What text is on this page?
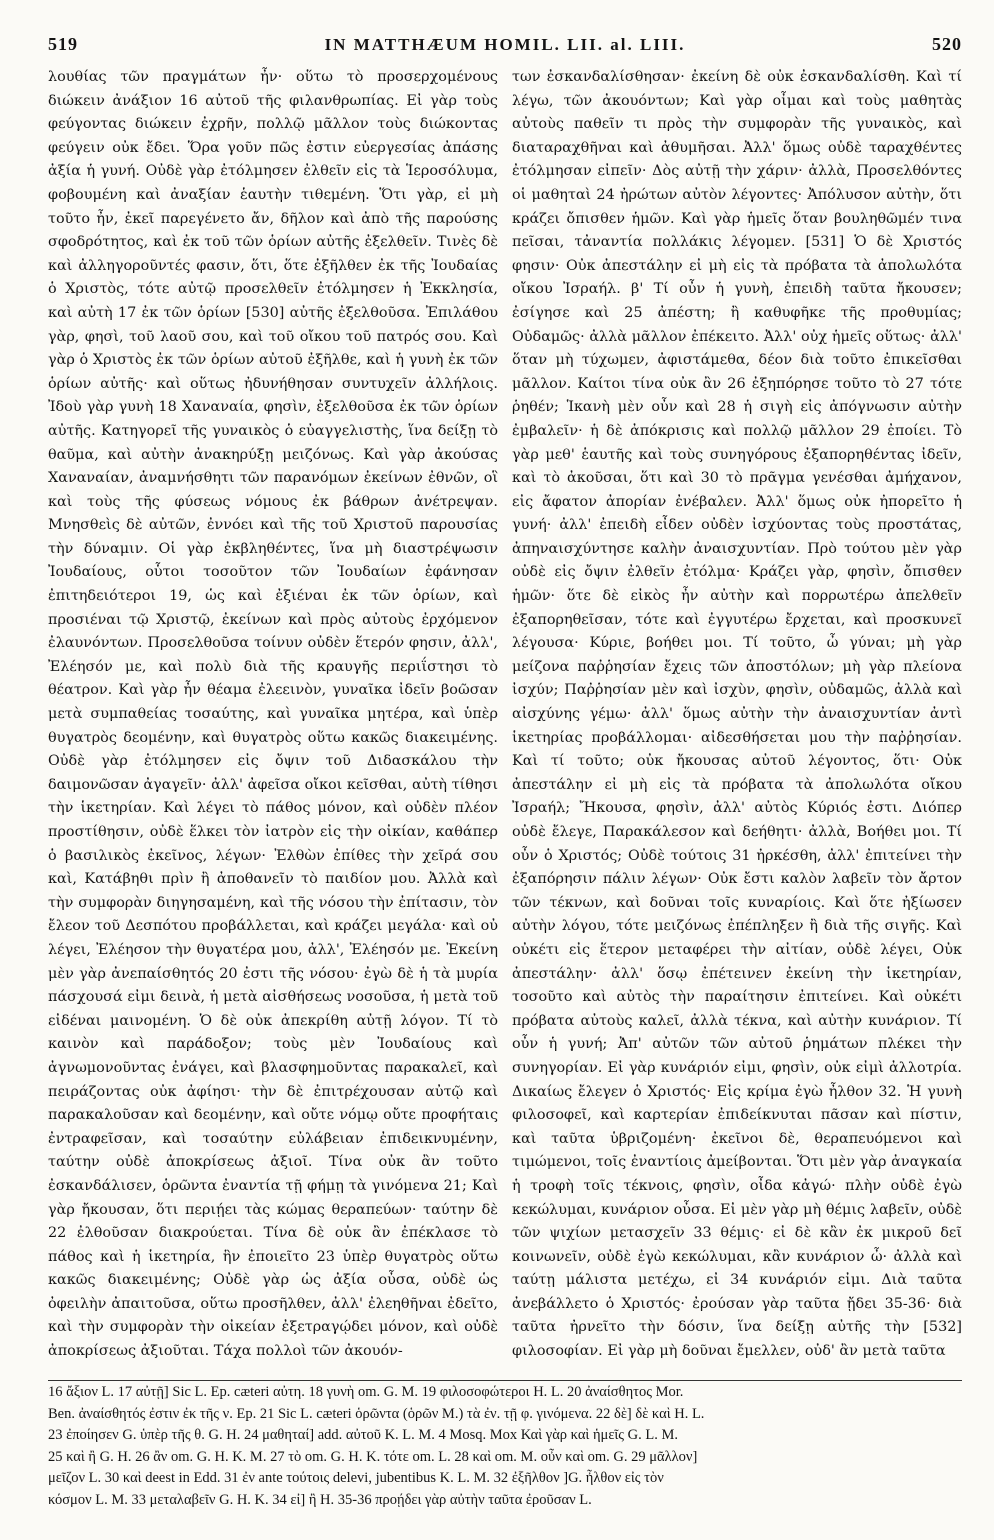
519	IN MATTHÆUM HOMIL. LII. al. LIII.	520

λουθίας τῶν πραγμάτων ἦν· οὕτω τὸ προσερχομένους διώκειν ἀνάξιον 16 αὐτοῦ τῆς φιλανθρωπίας. Εἰ γὰρ τοὺς φεύγοντας διώκειν ἐχρῆν, πολλῷ μᾶλλον τοὺς διώκοντας φεύγειν οὐκ ἔδει. Ὅρα γοῦν πῶς ἐστιν εὐεργεσίας ἀπάσης ἀξία ἡ γυνή. Οὐδὲ γὰρ ἐτόλμησεν ἐλθεῖν εἰς τὰ Ἱεροσόλυμα, φοβουμένη καὶ ἀναξίαν ἑαυτὴν τιθεμένη. Ὅτι γὰρ, εἰ μὴ τοῦτο ἦν, ἐκεῖ παρεγένετο ἄν, δῆλον καὶ ἀπὸ τῆς παρούσης σφοδρότητος, καὶ ἐκ τοῦ τῶν ὁρίων αὐτῆς ἐξελθεῖν. Τινὲς δὲ καὶ ἀλληγοροῦντές φασιν, ὅτι, ὅτε ἐξῆλθεν ἐκ τῆς Ἰουδαίας ὁ Χριστὸς, τότε αὐτῷ προσελθεῖν ἐτόλμησεν ἡ Ἐκκλησία, καὶ αὐτὴ 17 ἐκ τῶν ὁρίων [530] αὐτῆς ἐξελθοῦσα. Ἐπιλάθου γὰρ, φησὶ, τοῦ λαοῦ σου, καὶ τοῦ οἴκου τοῦ πατρός σου. Καὶ γὰρ ὁ Χριστὸς ἐκ τῶν ὁρίων αὐτοῦ ἐξῆλθε, καὶ ἡ γυνὴ ἐκ τῶν ὁρίων αὐτῆς· καὶ οὕτως ἠδυνήθησαν συντυχεῖν ἀλλήλοις. Ἰδοὺ γὰρ γυνὴ 18 Χαναναία, φησὶν, ἐξελθοῦσα ἐκ τῶν ὁρίων αὐτῆς. Κατηγορεῖ τῆς γυναικὸς ὁ εὐαγγελιστὴς, ἵνα δείξῃ τὸ θαῦμα, καὶ αὐτὴν ἀνακηρύξῃ μειζόνως. Καὶ γὰρ ἀκούσας Χαναναίαν, ἀναμνήσθητι τῶν παρανόμων ἐκείνων ἐθνῶν, οἳ καὶ τοὺς τῆς φύσεως νόμους ἐκ βάθρων ἀνέτρεψαν. Μνησθεὶς δὲ αὐτῶν, ἐννόει καὶ τῆς τοῦ Χριστοῦ παρουσίας τὴν δύναμιν. Οἱ γὰρ ἐκβληθέντες, ἵνα μὴ διαστρέψωσιν Ἰουδαίους, οὗτοι τοσοῦτον τῶν Ἰουδαίων ἐφάνησαν ἐπιτηδειότεροι 19, ὡς καὶ ἐξιέναι ἐκ τῶν ὁρίων, καὶ προσιέναι τῷ Χριστῷ, ἐκείνων καὶ πρὸς αὐτοὺς ἐρχόμενον ἐλαυνόντων. Προσελθοῦσα τοίνυν οὐδὲν ἕτερόν φησιν, ἀλλ', Ἐλέησόν με, καὶ πολὺ διὰ τῆς κραυγῆς περιΐστησι τὸ θέατρον. Καὶ γὰρ ἦν θέαμα ἐλεεινὸν, γυναῖκα ἰδεῖν βοῶσαν μετὰ συμπαθείας τοσαύτης, καὶ γυναῖκα μητέρα, καὶ ὑπὲρ θυγατρὸς δεομένην, καὶ θυγατρὸς οὕτω κακῶς διακειμένης. Οὐδὲ γὰρ ἐτόλμησεν εἰς ὄψιν τοῦ Διδασκάλου τὴν δαιμονῶσαν ἀγαγεῖν· ἀλλ' ἀφεῖσα οἴκοι κεῖσθαι, αὐτὴ τίθησι τὴν ἱκετηρίαν. Καὶ λέγει τὸ πάθος μόνον, καὶ οὐδὲν πλέον προστίθησιν, οὐδὲ ἕλκει τὸν ἰατρὸν εἰς τὴν οἰκίαν, καθάπερ ὁ βασιλικὸς ἐκεῖνος, λέγων· Ἐλθὼν ἐπίθες τὴν χεῖρά σου καὶ, Κατάβηθι πρὶν ἢ ἀποθανεῖν τὸ παιδίον μου. Ἀλλὰ καὶ τὴν συμφορὰν διηγησαμένη, καὶ τῆς νόσου τὴν ἐπίτασιν, τὸν ἔλεον τοῦ Δεσπότου προβάλλεται, καὶ κράζει μεγάλα· καὶ οὐ λέγει, Ἐλέησον τὴν θυγατέρα μου, ἀλλ', Ἐλέησόν με. Ἐκείνη μὲν γὰρ ἀνεπαίσθητός 20 ἐστι τῆς νόσου· ἐγὼ δὲ ἡ τὰ μυρία πάσχουσά εἰμι δεινὰ, ἡ μετὰ αἰσθήσεως νοσοῦσα, ἡ μετὰ τοῦ εἰδέναι μαινομένη. Ὁ δὲ οὐκ ἀπεκρίθη αὐτῇ λόγον. Τί τὸ καινὸν καὶ παράδοξον; τοὺς μὲν Ἰουδαίους καὶ ἀγνωμονοῦντας ἐνάγει, καὶ βλασφημοῦντας παρακαλεῖ, καὶ πειράζοντας οὐκ ἀφίησι· τὴν δὲ ἐπιτρέχουσαν αὐτῷ καὶ παρακαλοῦσαν καὶ δεομένην, καὶ οὔτε νόμῳ οὔτε προφήταις ἐντραφεῖσαν, καὶ τοσαύτην εὐλάβειαν ἐπιδεικνυμένην, ταύτην οὐδὲ ἀποκρίσεως ἀξιοῖ. Τίνα οὐκ ἂν τοῦτο ἐσκανδάλισεν, ὁρῶντα ἐναντία τῇ φήμῃ τὰ γινόμενα 21; Καὶ γὰρ ἤκουσαν, ὅτι περιῄει τὰς κώμας θεραπεύων· ταύτην δὲ 22 ἐλθοῦσαν διακρούεται. Τίνα δὲ οὐκ ἂν ἐπέκλασε τὸ πάθος καὶ ἡ ἱκετηρία, ἣν ἐποιεῖτο 23 ὑπὲρ θυγατρὸς οὕτω κακῶς διακειμένης; Οὐδὲ γὰρ ὡς ἀξία οὖσα, οὐδὲ ὡς ὀφειλὴν ἀπαιτοῦσα, οὕτω προσῆλθεν, ἀλλ' ἐλεηθῆναι ἐδεῖτο, καὶ τὴν συμφορὰν τὴν οἰκείαν ἐξετραγῴδει μόνον, καὶ οὐδὲ ἀποκρίσεως ἀξιοῦται. Τάχα πολλοὶ τῶν ἀκουόν-

των ἐσκανδαλίσθησαν· ἐκείνη δὲ οὐκ ἐσκανδαλίσθη. Καὶ τί λέγω, τῶν ἀκουόντων; Καὶ γὰρ οἶμαι καὶ τοὺς μαθητὰς αὐτοὺς παθεῖν τι πρὸς τὴν συμφορὰν τῆς γυναικὸς, καὶ διαταραχθῆναι καὶ ἀθυμῆσαι. Ἀλλ' ὅμως οὐδὲ ταραχθέντες ἐτόλμησαν εἰπεῖν· Δὸς αὐτῇ τὴν χάριν· ἀλλὰ, Προσελθόντες οἱ μαθηταὶ 24 ἠρώτων αὐτὸν λέγοντες· Ἀπόλυσον αὐτὴν, ὅτι κράζει ὄπισθεν ἡμῶν. Καὶ γὰρ ἡμεῖς ὅταν βουληθῶμέν τινα πεῖσαι, τἀναντία πολλάκις λέγομεν. [531] Ὁ δὲ Χριστός φησιν· Οὐκ ἀπεστάλην εἰ μὴ εἰς τὰ πρόβατα τὰ ἀπολωλότα οἴκου Ἰσραήλ. β' Τί οὖν ἡ γυνὴ, ἐπειδὴ ταῦτα ἤκουσεν; ἐσίγησε καὶ 25 ἀπέστη; ἢ καθυφῆκε τῆς προθυμίας; Οὐδαμῶς· ἀλλὰ μᾶλλον ἐπέκειτο. Ἀλλ' οὐχ ἡμεῖς οὕτως· ἀλλ' ὅταν μὴ τύχωμεν, ἀφιστάμεθα, δέον διὰ τοῦτο ἐπικεῖσθαι μᾶλλον. Καίτοι τίνα οὐκ ἂν 26 ἐξηπόρησε τοῦτο τὸ 27 τότε ῥηθέν; Ἱκανὴ μὲν οὖν καὶ 28 ἡ σιγὴ εἰς ἀπόγνωσιν αὐτὴν ἐμβαλεῖν· ἡ δὲ ἀπόκρισις καὶ πολλῷ μᾶλλον 29 ἐποίει. Τὸ γὰρ μεθ' ἑαυτῆς καὶ τοὺς συνηγόρους ἐξαπορηθέντας ἰδεῖν, καὶ τὸ ἀκοῦσαι, ὅτι καὶ 30 τὸ πρᾶγμα γενέσθαι ἀμήχανον, εἰς ἄφατον ἀπορίαν ἐνέβαλεν. Ἀλλ' ὅμως οὐκ ἠπορεῖτο ἡ γυνή· ἀλλ' ἐπειδὴ εἶδεν οὐδὲν ἰσχύοντας τοὺς προστάτας, ἀπηναισχύντησε καλὴν ἀναισχυντίαν. Πρὸ τούτου μὲν γὰρ οὐδὲ εἰς ὄψιν ἐλθεῖν ἐτόλμα· Κράζει γὰρ, φησὶν, ὄπισθεν ἡμῶν· ὅτε δὲ εἰκὸς ἦν αὐτὴν καὶ πορρωτέρω ἀπελθεῖν ἐξαπορηθεῖσαν, τότε καὶ ἐγγυτέρω ἔρχεται, καὶ προσκυνεῖ λέγουσα· Κύριε, βοήθει μοι. Τί τοῦτο, ὦ γύναι; μὴ γὰρ μείζονα παῤῥησίαν ἔχεις τῶν ἀποστόλων; μὴ γὰρ πλείονα ἰσχύν; Παῤῥησίαν μὲν καὶ ἰσχὺν, φησὶν, οὐδαμῶς, ἀλλὰ καὶ αἰσχύνης γέμω· ἀλλ' ὅμως αὐτὴν τὴν ἀναισχυντίαν ἀντὶ ἱκετηρίας προβάλλομαι· αἰδεσθήσεται μου τὴν παῤῥησίαν. Καὶ τί τοῦτο; οὐκ ἤκουσας αὐτοῦ λέγοντος, ὅτι· Οὐκ ἀπεστάλην εἰ μὴ εἰς τὰ πρόβατα τὰ ἀπολωλότα οἴκου Ἰσραήλ; Ἤκουσα, φησὶν, ἀλλ' αὐτὸς Κύριός ἐστι. Διόπερ οὐδὲ ἔλεγε, Παρακάλεσον καὶ δεήθητι· ἀλλὰ, Βοήθει μοι. Τί οὖν ὁ Χριστός; Οὐδὲ τούτοις 31 ἠρκέσθη, ἀλλ' ἐπιτείνει τὴν ἐξαπόρησιν πάλιν λέγων· Οὐκ ἔστι καλὸν λαβεῖν τὸν ἄρτον τῶν τέκνων, καὶ δοῦναι τοῖς κυναρίοις. Καὶ ὅτε ἠξίωσεν αὐτὴν λόγου, τότε μειζόνως ἐπέπληξεν ἢ διὰ τῆς σιγῆς. Καὶ οὐκέτι εἰς ἕτερον μεταφέρει τὴν αἰτίαν, οὐδὲ λέγει, Οὐκ ἀπεστάλην· ἀλλ' ὅσῳ ἐπέτεινεν ἐκείνη τὴν ἱκετηρίαν, τοσοῦτο καὶ αὐτὸς τὴν παραίτησιν ἐπιτείνει. Καὶ οὐκέτι πρόβατα αὐτοὺς καλεῖ, ἀλλὰ τέκνα, καὶ αὐτὴν κυνάριον. Τί οὖν ἡ γυνή; Ἀπ' αὐτῶν τῶν αὐτοῦ ῥημάτων πλέκει τὴν συνηγορίαν. Εἰ γὰρ κυνάριόν εἰμι, φησὶν, οὐκ εἰμὶ ἀλλοτρία. Δικαίως ἔλεγεν ὁ Χριστός· Εἰς κρίμα ἐγὼ ἦλθον 32. Ἡ γυνὴ φιλοσοφεῖ, καὶ καρτερίαν ἐπιδείκνυται πᾶσαν καὶ πίστιν, καὶ ταῦτα ὑβριζομένη· ἐκεῖνοι δὲ, θεραπευόμενοι καὶ τιμώμενοι, τοῖς ἐναντίοις ἀμείβονται. Ὅτι μὲν γὰρ ἀναγκαία ἡ τροφὴ τοῖς τέκνοις, φησὶν, οἶδα κἀγώ· πλὴν οὐδὲ ἐγὼ κεκώλυμαι, κυνάριον οὖσα. Εἰ μὲν γὰρ μὴ θέμις λαβεῖν, οὐδὲ τῶν ψιχίων μετασχεῖν 33 θέμις· εἰ δὲ κἂν ἐκ μικροῦ δεῖ κοινωνεῖν, οὐδὲ ἐγὼ κεκώλυμαι, κἂν κυνάριον ὦ· ἀλλὰ καὶ ταύτῃ μάλιστα μετέχω, εἰ 34 κυνάριόν εἰμι. Διὰ ταῦτα ἀνεβάλλετο ὁ Χριστός· ἐρούσαν γὰρ ταῦτα ᾔδει 35-36· διὰ ταῦτα ἠρνεῖτο τὴν δόσιν, ἵνα δείξῃ αὐτῆς τὴν [532] φιλοσοφίαν. Εἰ γὰρ μὴ δοῦναι ἔμελλεν, οὐδ' ἂν μετὰ ταῦτα

16 ἄξιον L. 17 αὐτῇ] Sic L. Ep. cæteri αὐτη. 18 γυνὴ om. G. M. 19 φιλοσοφώτεροι H. L. 20 ἀναίσθητος Mor.

Ben. ἀναίσθητός ἐστιν ἐκ τῆς ν. Ep. 21 Sic L. cæteri ὁρῶντα (ὁρῶν M.) τὰ ἐν. τῇ φ. γινόμενα. 22 δὲ] δὲ καὶ H. L.

23 ἐποίησεν G. ὑπὲρ τῆς θ. G. H. 24 μαθηταί] add. αὐτοῦ K. L. M. 4 Mosq. Mox Καὶ γὰρ καὶ ἡμεῖς G. L. M.

25 καὶ ἢ G. H. 26 ἂν om. G. H. K. M. 27 τὸ om. G. H. K. τότε om. L. 28 καὶ om. M. οὖν καὶ om. G. 29 μᾶλλον]

μεῖζον L. 30 καὶ deest in Edd. 31 ἐν ante τούτοις delevi, jubentibus K. L. M. 32 ἐξῆλθον ]G. ἦλθον εἰς τὸν

κόσμον L. M. 33 μεταλαβεῖν G. H. K. 34 εἰ] ἢ H. 35-36 προῄδει γὰρ αὐτὴν ταῦτα ἐροῦσαν L.
